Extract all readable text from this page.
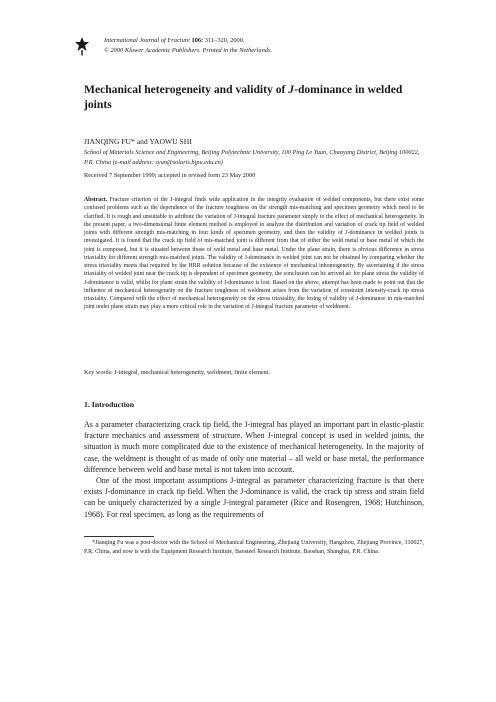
International Journal of Fracture 106: 311–320, 2000.
© 2000 Kluwer Academic Publishers. Printed in the Netherlands.
Mechanical heterogeneity and validity of J-dominance in welded joints
JIANQING FU* and YAOWU SHI
School of Materials Science and Engineering, Beijing Polytechnic University, 100 Ping Le Yuan, Chaoyang District, Beijing 100022, P.R. China (e-mail address: syun@solaris.bjpu.edu.cn)
Received 7 September 1999; accepted in revised form 23 May 2000

Abstract. Fracture criterion of the J-integral finds wide application in the integrity evaluation of welded components, but there exist some confused problems such as the dependence of the fracture toughness on the strength mis-matching and specimen geometry which need to be clarified. It is rough and unsuitable to attribute the variation of J-integral fracture parameter simply to the effect of mechanical heterogeneity. In the present paper, a two-dimensional finite element method is employed to analyze the distribution and variation of crack tip field of welded joints with different strength mis-matching in four kinds of specimen geometry, and then the validity of J-dominance in welded joints is investigated. It is found that the crack tip field of mis-matched joint is different from that of either the weld metal or base metal of which the joint is composed, but it is situated between those of weld metal and base metal. Under the plane strain, there is obvious difference in stress triaxiality for different strength mis-matched joints. The validity of J-dominance in welded joint can not be obtained by comparing whether the stress triaxiality meets that required by the HRR solution because of the existence of mechanical inhomogeneity. By ascertaining if the stress triaxiality of welded joint near the crack tip is dependent of specimen geometry, the conclusion can be arrived at: for plane stress the validity of J-dominance is valid, whilst for plane strain the validity of J-dominance is lost. Based on the above, attempt has been made to point out that the influence of mechanical heterogeneity on the fracture toughness of weldment arises from the variation of constraint intensity-crack tip stress triaxiality. Compared with the effect of mechanical heterogeneity on the stress triaxiality, the losing of validity of J-dominance in mis-matched joint under plane strain may play a more critical role in the variation of J-integral fracture parameter of weldment.

Key words: J-integral, mechanical heterogeneity, weldment, finite element.
1. Introduction

As a parameter characterizing crack tip field, the J-integral has played an important part in elastic-plastic fracture mechanics and assessment of structure. When J-integral concept is used in welded joints, the situation is much more complicated due to the existence of mechanical heterogeneity. In the majority of case, the weldment is thought of as made of only one material – all weld or base metal, the performance difference between weld and base metal is not taken into account.

One of the most important assumptions J-integral as parameter characterizing fracture is that there exists J-dominance in crack tip field. When the J-dominance is valid, the crack tip stress and strain field can be uniquely characterized by a single J-integral parameter (Rice and Rosengren, 1968; Hutchinson, 1968). For real specimen, as long as the requirements of

*Jianqing Fu was a post-doctor with the School of Mechanical Engineering, Zhejiang University, Hangzhou, Zhejiang Province, 310027, P.R. China, and now is with the Equipment Research Institute, Baosteel Research Institute, Baoshan, Shanghai, P.R. China.
